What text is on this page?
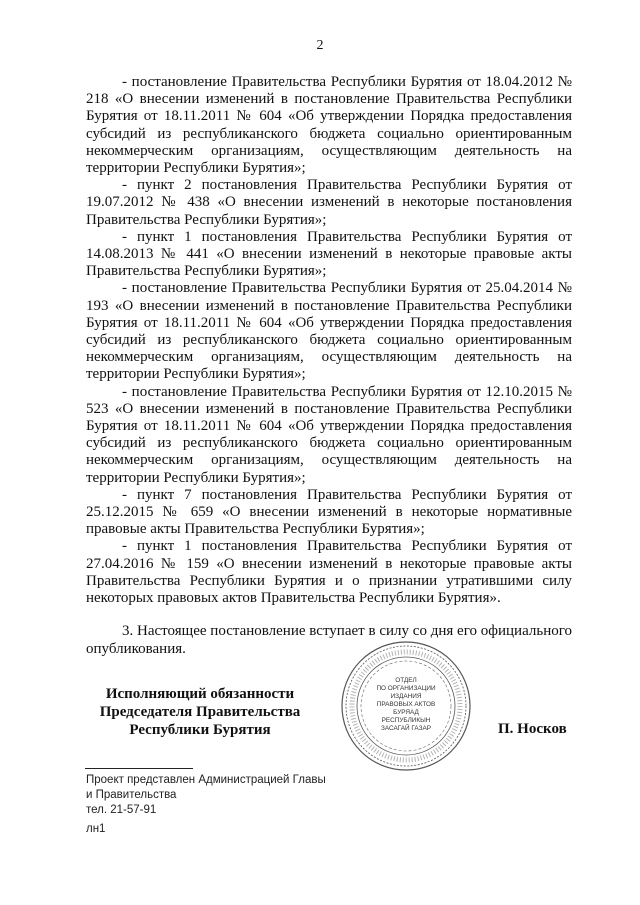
2

- постановление Правительства Республики Бурятия от 18.04.2012 № 218 «О внесении изменений в постановление Правительства Республики Бурятия от 18.11.2011 № 604 «Об утверждении Порядка предоставления субсидий из республиканского бюджета социально ориентированным некоммерческим организациям, осуществляющим деятельность на территории Республики Бурятия»;

- пункт 2 постановления Правительства Республики Бурятия от 19.07.2012 № 438 «О внесении изменений в некоторые постановления Правительства Республики Бурятия»;

- пункт 1 постановления Правительства Республики Бурятия от 14.08.2013 № 441 «О внесении изменений в некоторые правовые акты Правительства Республики Бурятия»;

- постановление Правительства Республики Бурятия от 25.04.2014 № 193 «О внесении изменений в постановление Правительства Республики Бурятия от 18.11.2011 № 604 «Об утверждении Порядка предоставления субсидий из республиканского бюджета социально ориентированным некоммерческим организациям, осуществляющим деятельность на территории Республики Бурятия»;

- постановление Правительства Республики Бурятия от 12.10.2015 № 523 «О внесении изменений в постановление Правительства Республики Бурятия от 18.11.2011 № 604 «Об утверждении Порядка предоставления субсидий из республиканского бюджета социально ориентированным некоммерческим организациям, осуществляющим деятельность на территории Республики Бурятия»;

- пункт 7 постановления Правительства Республики Бурятия от 25.12.2015 № 659 «О внесении изменений в некоторые нормативные правовые акты Правительства Республики Бурятия»;

- пункт 1 постановления Правительства Республики Бурятия от 27.04.2016 № 159 «О внесении изменений в некоторые правовые акты Правительства Республики Бурятия и о признании утратившими силу некоторых правовых актов Правительства Республики Бурятия».

3. Настоящее постановление вступает в силу со дня его официального опубликования.

Исполняющий обязанности
Председателя Правительства
Республики Бурятия
ОТДЕЛ
ПО ОРГАНИЗАЦИИ
ИЗДАНИЯ
ПРАВОВЫХ АКТОВ
БУРЯАД
РЕСПУБЛИКЫН
ЗАСАГАЙ ГАЗАР	П. Носков
Проект представлен Администрацией Главы
и Правительства
тел. 21-57-91
лн1
